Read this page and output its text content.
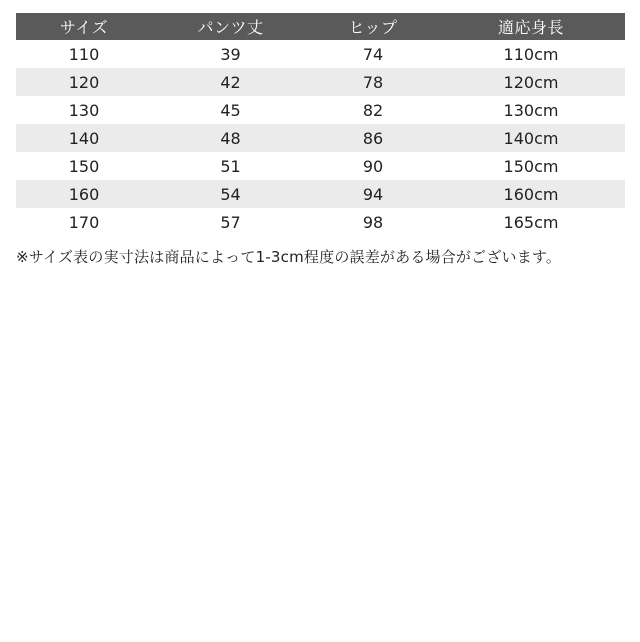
サイズ	パンツ丈	ヒップ	適応身長
110	39	74	110cm
120	42	78	120cm
130	45	82	130cm
140	48	86	140cm
150	51	90	150cm
160	54	94	160cm
170	57	98	165cm
※サイズ表の実寸法は商品によって1-3cm程度の誤差がある場合がございます。
